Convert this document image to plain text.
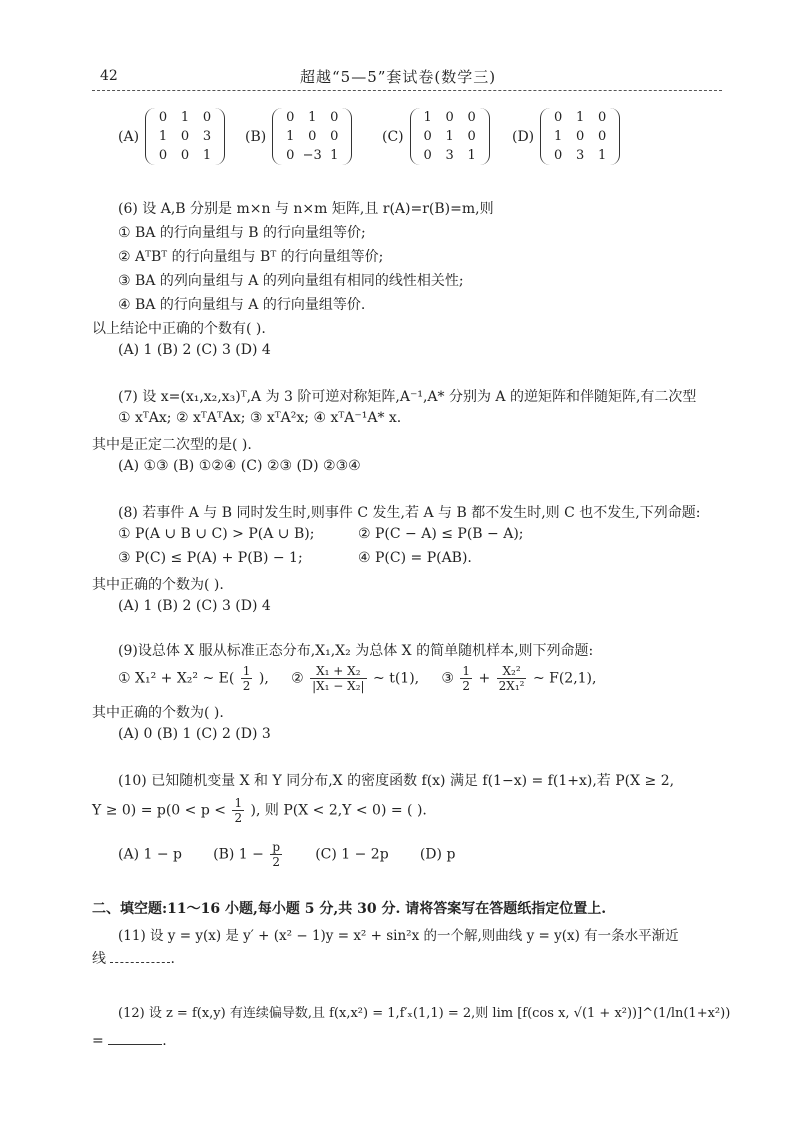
42	超越“5—5”套试卷(数学三)
(A)
0	1	0
1	0	3
0	0	1
(B)
0	1	0
1	0	0
0 −3 1
(C)
1	0	0
0	1	0
0	3	1
(D)
0	1	0
1	0	0
0	3	1
(6) 设 A,B 分别是 m×n 与 n×m 矩阵,且 r(A)=r(B)=m,则
① BA 的行向量组与 B 的行向量组等价;
② AᵀBᵀ 的行向量组与 Bᵀ 的行向量组等价;
③ BA 的列向量组与 A 的列向量组有相同的线性相关性;
④ BA 的行向量组与 A 的行向量组等价.
以上结论中正确的个数有( ).
(A) 1 (B) 2 (C) 3 (D) 4
(7) 设 x=(x₁,x₂,x₃)ᵀ,A 为 3 阶可逆对称矩阵,A⁻¹,A* 分别为 A 的逆矩阵和伴随矩阵,有二次型
① xᵀAx; ② xᵀAᵀAx; ③ xᵀA²x; ④ xᵀA⁻¹A* x.
其中是正定二次型的是( ).
(A) ①③ (B) ①②④ (C) ②③ (D) ②③④
(8) 若事件 A 与 B 同时发生时,则事件 C 发生,若 A 与 B 都不发生时,则 C 也不发生,下列命题:
① P(A ∪ B ∪ C) > P(A ∪ B);	② P(C − A) ≤ P(B − A);
③ P(C) ≤ P(A) + P(B) − 1;	④ P(C) = P(AB).
其中正确的个数为( ).
(A) 1 (B) 2 (C) 3 (D) 4
(9)设总体 X 服从标准正态分布,X₁,X₂ 为总体 X 的简单随机样本,则下列命题:
① X₁² + X₂² ~ $E( \frac{1}{2}$ ), ② $\frac{\text{X₁ + X₂}}{\text{|X₁ − X₂|}}$ ~ t(1), ③ $\frac{1}{2} + \frac{\text{X₂²}}{\text{2X₁²}}$ ~ F(2,1),
其中正确的个数为( ).
(A) 0 (B) 1 (C) 2 (D) 3
(10) 已知随机变量 X 和 Y 同分布,X 的密度函数 f(x) 满足 f(1−x) = f(1+x),若 P(X ≥ 2,
$Y \ge 0) = p(0 < p < \frac{1}{2}$ ), 则 P(X < 2,Y < 0) = ( ).
(A) 1 − p (B) $1 - \frac{p}{2} (C) 1 - 2p$ (D) p
二、填空题:11～16 小题,每小题 5 分,共 30 分. 请将答案写在答题纸指定位置上.
(11) 设 y = y(x) 是 y′ + (x² − 1)y = x² + sin²x 的一个解,则曲线 y = y(x) 有一条水平渐近
线	.
(12) 设 z = f(x,y) 有连续偏导数,且 f(x,x²) = 1,f′ₓ(1,1) = 2,则 lim [f(cos x, √(1 + x²))]^(1/ln(1+x²))
=	.
